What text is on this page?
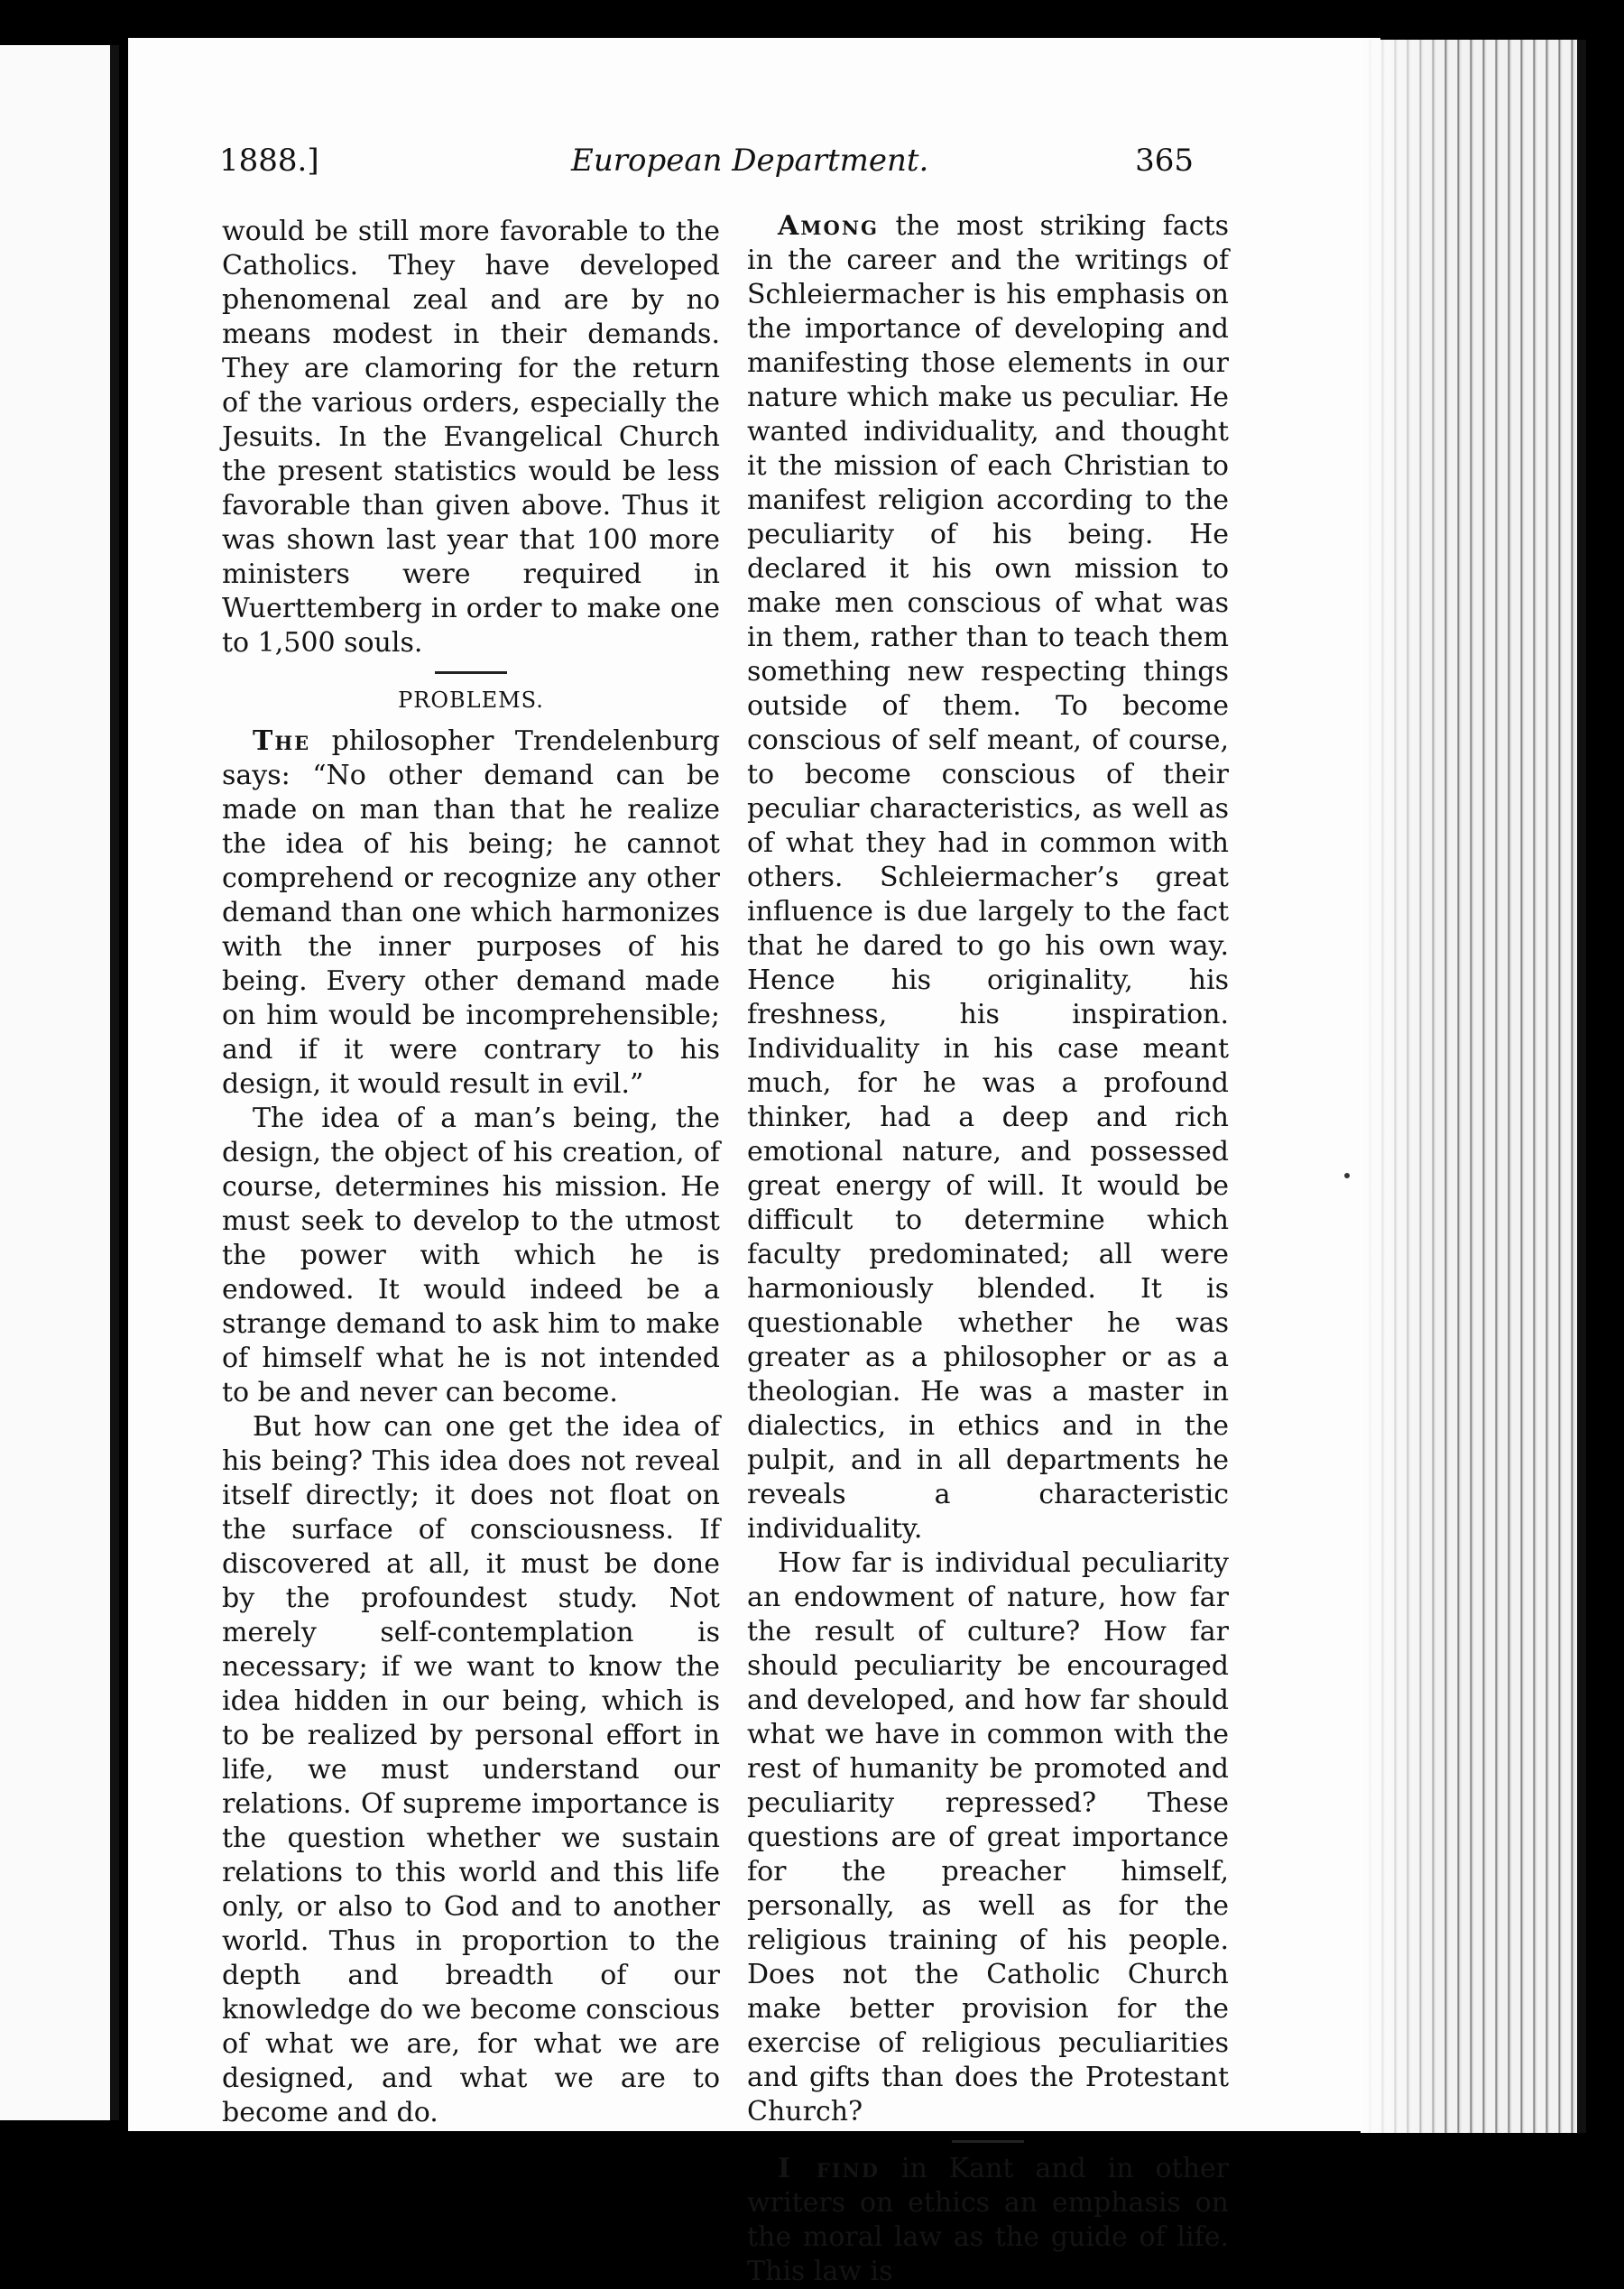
1888.]	European Department.	365

would be still more favorable to the Catholics. They have developed phenomenal zeal and are by no means modest in their demands. They are clamoring for the return of the various orders, especially the Jesuits. In the Evangelical Church the present statistics would be less favorable than given above. Thus it was shown last year that 100 more ministers were required in Wuerttemberg in order to make one to 1,500 souls.

PROBLEMS.

The philosopher Trendelenburg says: “No other demand can be made on man than that he realize the idea of his being; he cannot comprehend or recognize any other demand than one which harmonizes with the inner purposes of his being. Every other demand made on him would be incomprehensible; and if it were contrary to his design, it would result in evil.”

The idea of a man’s being, the design, the object of his creation, of course, determines his mission. He must seek to develop to the utmost the power with which he is endowed. It would indeed be a strange demand to ask him to make of himself what he is not intended to be and never can become.

But how can one get the idea of his being? This idea does not reveal itself directly; it does not float on the surface of consciousness. If discovered at all, it must be done by the profoundest study. Not merely self-contemplation is necessary; if we want to know the idea hidden in our being, which is to be realized by personal effort in life, we must understand our relations. Of supreme importance is the question whether we sustain relations to this world and this life only, or also to God and to another world. Thus in proportion to the depth and breadth of our knowledge do we become conscious of what we are, for what we are designed, and what we are to become and do.

Among the most striking facts in the career and the writings of Schleiermacher is his emphasis on the importance of developing and manifesting those elements in our nature which make us peculiar. He wanted individuality, and thought it the mission of each Christian to manifest religion according to the peculiarity of his being. He declared it his own mission to make men conscious of what was in them, rather than to teach them something new respecting things outside of them. To become conscious of self meant, of course, to become conscious of their peculiar characteristics, as well as of what they had in common with others. Schleiermacher’s great influence is due largely to the fact that he dared to go his own way. Hence his originality, his freshness, his inspiration. Individuality in his case meant much, for he was a profound thinker, had a deep and rich emotional nature, and possessed great energy of will. It would be difficult to determine which faculty predominated; all were harmoniously blended. It is questionable whether he was greater as a philosopher or as a theologian. He was a master in dialectics, in ethics and in the pulpit, and in all departments he reveals a characteristic individuality.

How far is individual peculiarity an endowment of nature, how far the result of culture? How far should peculiarity be encouraged and developed, and how far should what we have in common with the rest of humanity be promoted and peculiarity repressed? These questions are of great importance for the preacher himself, personally, as well as for the religious training of his people. Does not the Catholic Church make better provision for the exercise of religious peculiarities and gifts than does the Protestant Church?

I find in Kant and in other writers on ethics an emphasis on the moral law as the guide of life. This law is
